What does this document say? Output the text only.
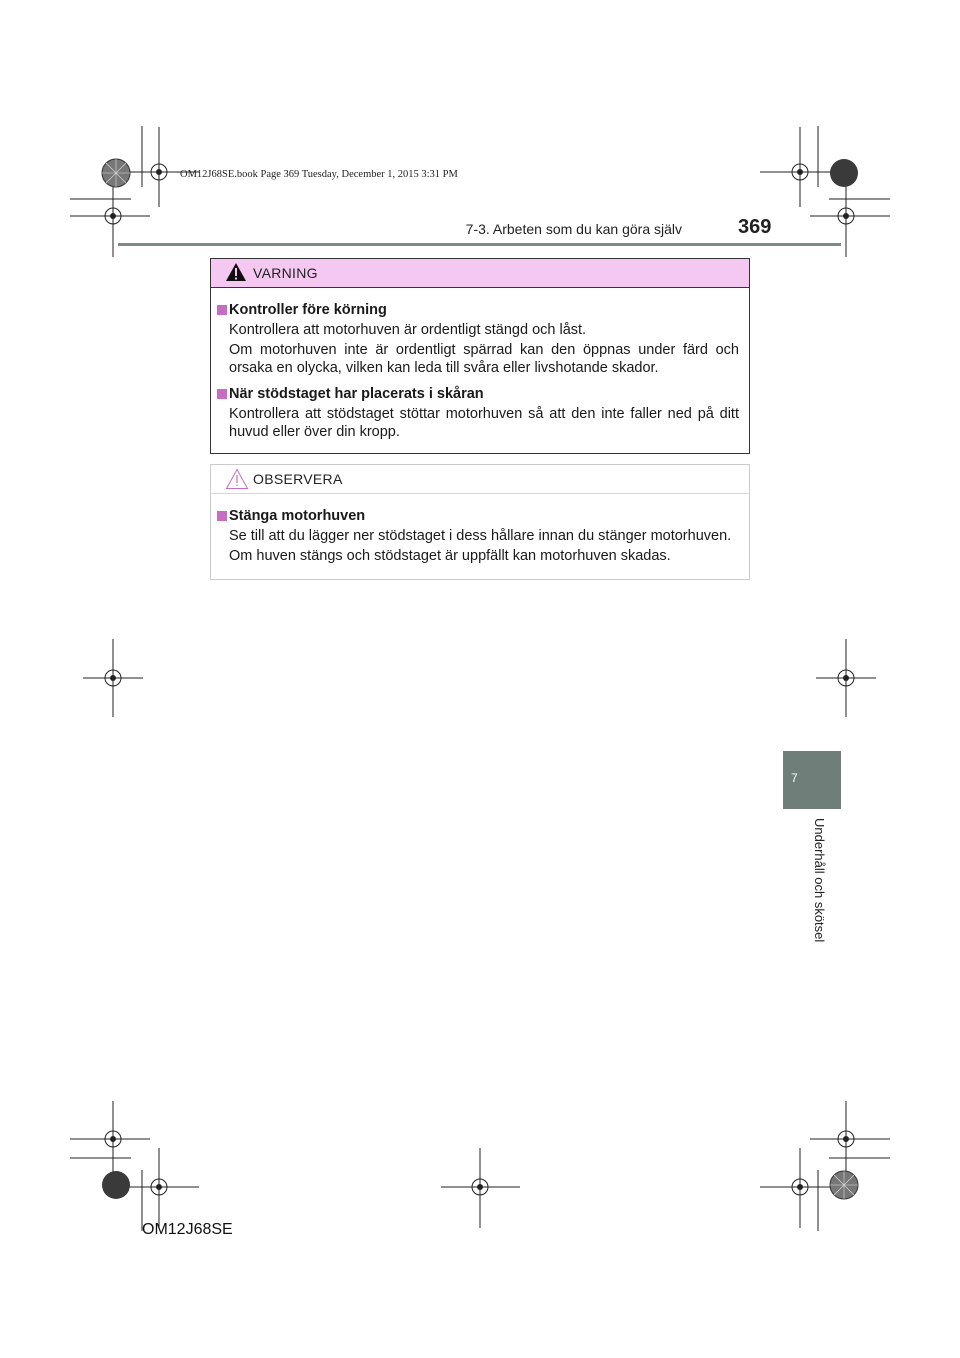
OM12J68SE.book Page 369 Tuesday, December 1, 2015 3:31 PM
7-3. Arbeten som du kan göra själv	369
7
Underhåll och skötsel
VARNING
Kontroller före körning
Kontrollera att motorhuven är ordentligt stängd och låst.
Om motorhuven inte är ordentligt spärrad kan den öppnas under färd och orsaka en olycka, vilken kan leda till svåra eller livshotande skador.
När stödstaget har placerats i skåran
Kontrollera att stödstaget stöttar motorhuven så att den inte faller ned på ditt huvud eller över din kropp.
OBSERVERA
Stänga motorhuven
Se till att du lägger ner stödstaget i dess hållare innan du stänger motorhuven.
Om huven stängs och stödstaget är uppfällt kan motorhuven skadas.
OM12J68SE
